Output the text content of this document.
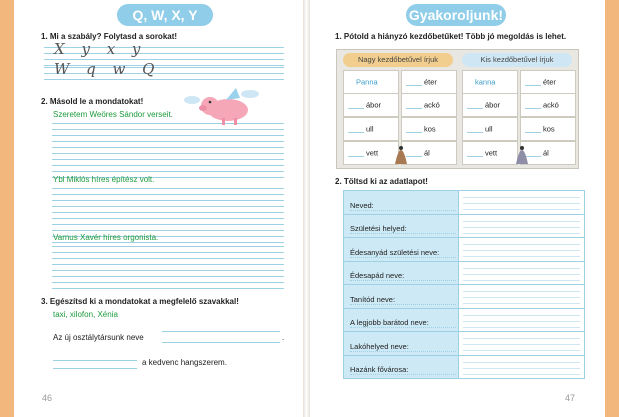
Q, W, X, Y
1. Mi a szabály? Folytasd a sorokat!
X y x y
W q w Q
2. Másold le a mondatokat!
Szeretem Weöres Sándor verseit.
Ybl Miklós híres építész volt.
Varnus Xavér híres orgonista.
3. Egészítsd ki a mondatokat a megfelelő szavakkal!
taxi, xilofon, Xénia
Az új osztálytársunk neve	.
a kedvenc hangszerem.
46
Gyakoroljunk!
1. Pótold a hiányzó kezdőbetűket! Több jó megoldás is lehet.
2. Töltsd ki az adatlapot!
47
Nagy kezdőbetűvel írjuk	Kis kezdőbetűvel írjuk
Panna	éter
ábor	ackó
ull	kos
vett	ál
kanna	éter
ábor	ackó
ull	kos
vett	ál
Neved:
Születési helyed:
Édesanyád születési neve:
Édesapád neve:
Tanítód neve:
A legjobb barátod neve:
Lakóhelyed neve:
Hazánk fővárosa:
